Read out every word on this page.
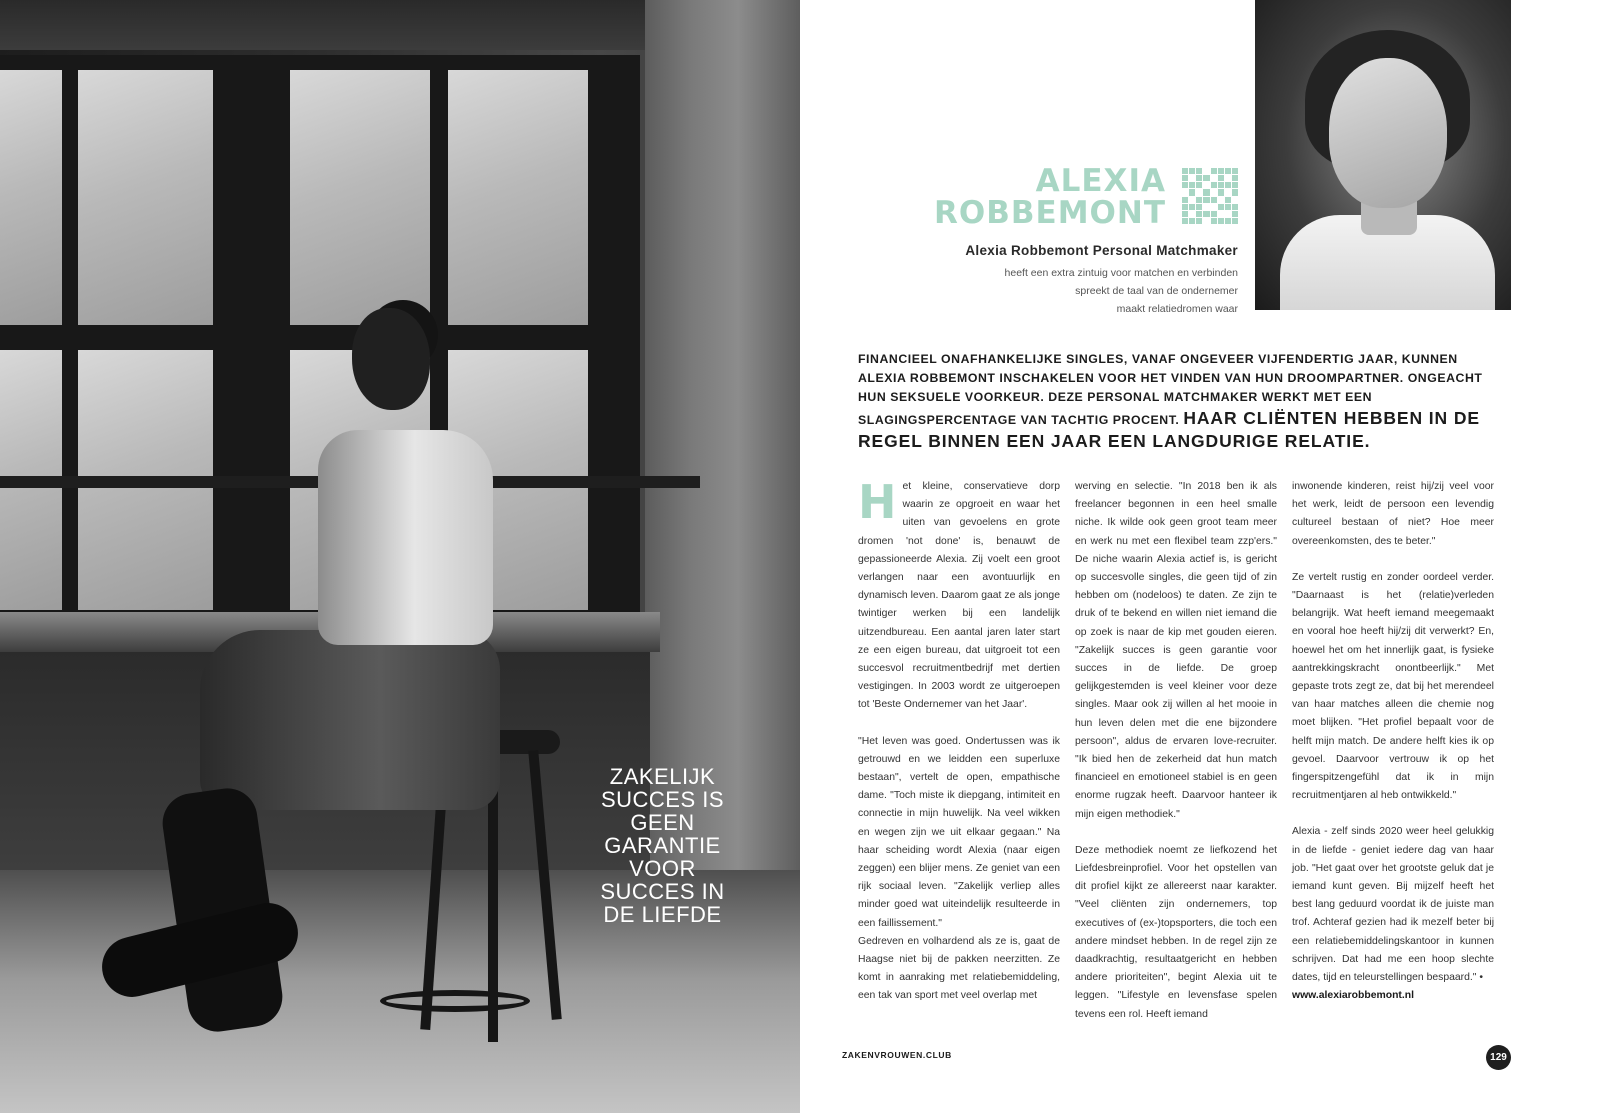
ZAKELIJK
SUCCES IS
GEEN
GARANTIE
VOOR
SUCCES IN
DE LIEFDE
ALEXIA
ROBBEMONT

Alexia Robbemont Personal Matchmaker

heeft een extra zintuig voor matchen en verbinden
spreekt de taal van de ondernemer
maakt relatiedromen waar
FINANCIEEL ONAFHANKELIJKE SINGLES, VANAF ONGEVEER VIJFENDERTIG JAAR, KUNNEN ALEXIA ROBBEMONT INSCHAKELEN VOOR HET VINDEN VAN HUN DROOMPARTNER. ONGEACHT HUN SEKSUELE VOORKEUR. DEZE PERSONAL MATCHMAKER WERKT MET EEN SLAGINGSPERCENTAGE VAN TACHTIG PROCENT. HAAR CLIËNTEN HEBBEN IN DE REGEL BINNEN EEN JAAR EEN LANGDURIGE RELATIE.

H et kleine, conservatieve dorp waarin ze opgroeit en waar het uiten van gevoelens en grote dromen 'not done' is, benauwt de gepassioneerde Alexia. Zij voelt een groot verlangen naar een avontuurlijk en dynamisch leven. Daarom gaat ze als jonge twintiger werken bij een landelijk uitzendbureau. Een aantal jaren later start ze een eigen bureau, dat uitgroeit tot een succesvol recruitmentbedrijf met dertien vestigingen. In 2003 wordt ze uitgeroepen tot 'Beste Ondernemer van het Jaar'.

"Het leven was goed. Ondertussen was ik getrouwd en we leidden een superluxe bestaan", vertelt de open, empathische dame. "Toch miste ik diepgang, intimiteit en connectie in mijn huwelijk. Na veel wikken en wegen zijn we uit elkaar gegaan." Na haar scheiding wordt Alexia (naar eigen zeggen) een blijer mens. Ze geniet van een rijk sociaal leven. "Zakelijk verliep alles minder goed wat uiteindelijk resulteerde in een faillissement."

Gedreven en volhardend als ze is, gaat de Haagse niet bij de pakken neerzitten. Ze komt in aanraking met relatiebemiddeling, een tak van sport met veel overlap met

werving en selectie. "In 2018 ben ik als freelancer begonnen in een heel smalle niche. Ik wilde ook geen groot team meer en werk nu met een flexibel team zzp'ers." De niche waarin Alexia actief is, is gericht op succesvolle singles, die geen tijd of zin hebben om (nodeloos) te daten. Ze zijn te druk of te bekend en willen niet iemand die op zoek is naar de kip met gouden eieren. "Zakelijk succes is geen garantie voor succes in de liefde. De groep gelijkgestemden is veel kleiner voor deze singles. Maar ook zij willen al het mooie in hun leven delen met die ene bijzondere persoon", aldus de ervaren love-recruiter. "Ik bied hen de zekerheid dat hun match financieel en emotioneel stabiel is en geen enorme rugzak heeft. Daarvoor hanteer ik mijn eigen methodiek."

Deze methodiek noemt ze liefkozend het Liefdesbreinprofiel. Voor het opstellen van dit profiel kijkt ze allereerst naar karakter. "Veel cliënten zijn ondernemers, top executives of (ex-)topsporters, die toch een andere mindset hebben. In de regel zijn ze daadkrachtig, resultaatgericht en hebben andere prioriteiten", begint Alexia uit te leggen. "Lifestyle en levensfase spelen tevens een rol. Heeft iemand

inwonende kinderen, reist hij/zij veel voor het werk, leidt de persoon een levendig cultureel bestaan of niet? Hoe meer overeenkomsten, des te beter."

Ze vertelt rustig en zonder oordeel verder. "Daarnaast is het (relatie)verleden belangrijk. Wat heeft iemand meegemaakt en vooral hoe heeft hij/zij dit verwerkt? En, hoewel het om het innerlijk gaat, is fysieke aantrekkingskracht onontbeerlijk." Met gepaste trots zegt ze, dat bij het merendeel van haar matches alleen die chemie nog moet blijken. "Het profiel bepaalt voor de helft mijn match. De andere helft kies ik op gevoel. Daarvoor vertrouw ik op het fingerspitzengefühl dat ik in mijn recruitmentjaren al heb ontwikkeld."

Alexia - zelf sinds 2020 weer heel gelukkig in de liefde - geniet iedere dag van haar job. "Het gaat over het grootste geluk dat je iemand kunt geven. Bij mijzelf heeft het best lang geduurd voordat ik de juiste man trof. Achteraf gezien had ik mezelf beter bij een relatiebemiddelingskantoor in kunnen schrijven. Dat had me een hoop slechte dates, tijd en teleurstellingen bespaard." •

www.alexiarobbemont.nl

ZAKENVROUWEN.CLUB	129
